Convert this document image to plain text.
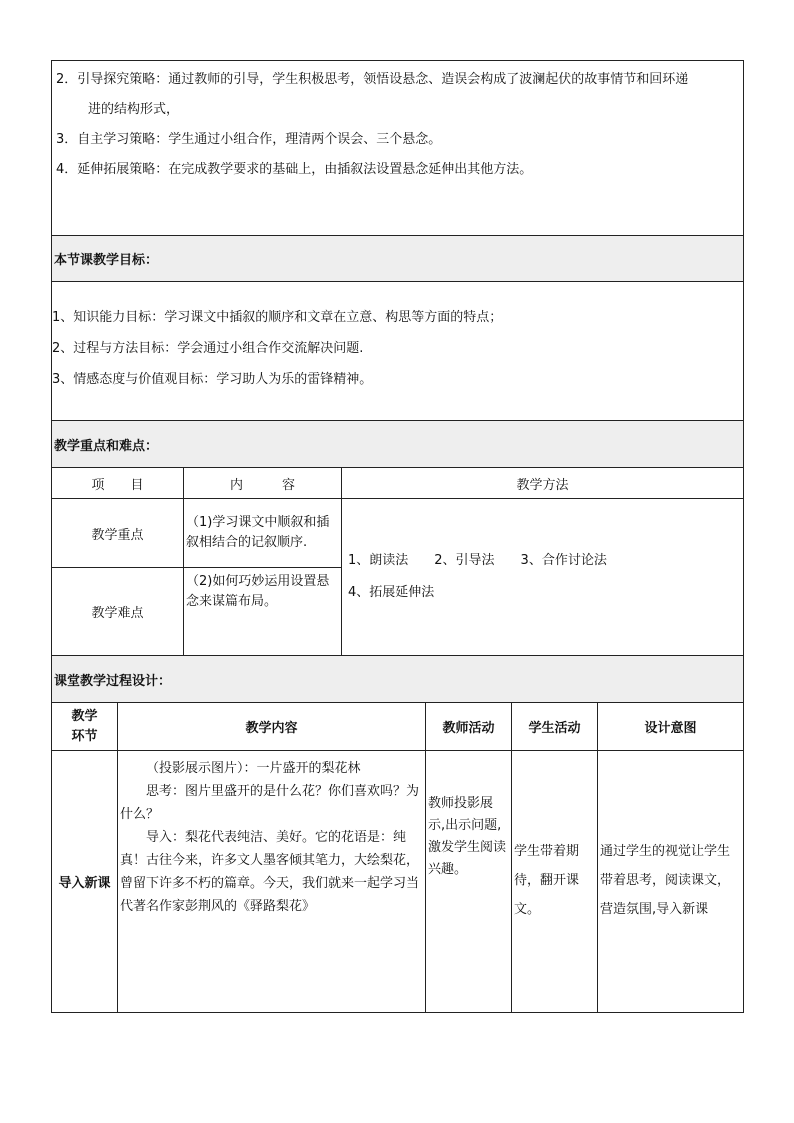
2．引导探究策略：通过教师的引导，学生积极思考，领悟设悬念、造误会构成了波澜起伏的故事情节和回环递
进的结构形式，
3．自主学习策略：学生通过小组合作，理清两个误会、三个悬念。
4．延伸拓展策略：在完成教学要求的基础上，由插叙法设置悬念延伸出其他方法。						

本节课教学目标：						

1、知识能力目标：学习课文中插叙的顺序和文章在立意、构思等方面的特点；
2、过程与方法目标：学会通过小组合作交流解决问题.
3、情感态度与价值观目标：学习助人为乐的雷锋精神。						

教学重点和难点：						
项　　目		内　　　容	教学方法			
教学重点		（1)学习课文中顺叙和插叙相结合的记叙顺序.	1、朗读法　　2、引导法　　3、合作讨论法
4、拓展延伸法			

教学难点		（2)如何巧妙运用设置悬念来谋篇布局。				
课堂教学过程设计：						

教学
环节	教学内容			教师活动	学生活动	设计意图
导入新课	（投影展示图片）：一片盛开的梨花林
思考：图片里盛开的是什么花？你们喜欢吗？为什么？
导入：梨花代表纯洁、美好。它的花语是：纯真！古往今来，许多文人墨客倾其笔力，大绘梨花，曾留下许多不朽的篇章。今天，我们就来一起学习当代著名作家彭荆风的《驿路梨花》			教师投影展示,出示问题,激发学生阅读兴趣。	学生带着期待，翻开课文。	通过学生的视觉让学生带着思考，阅读课文，营造氛围,导入新课
